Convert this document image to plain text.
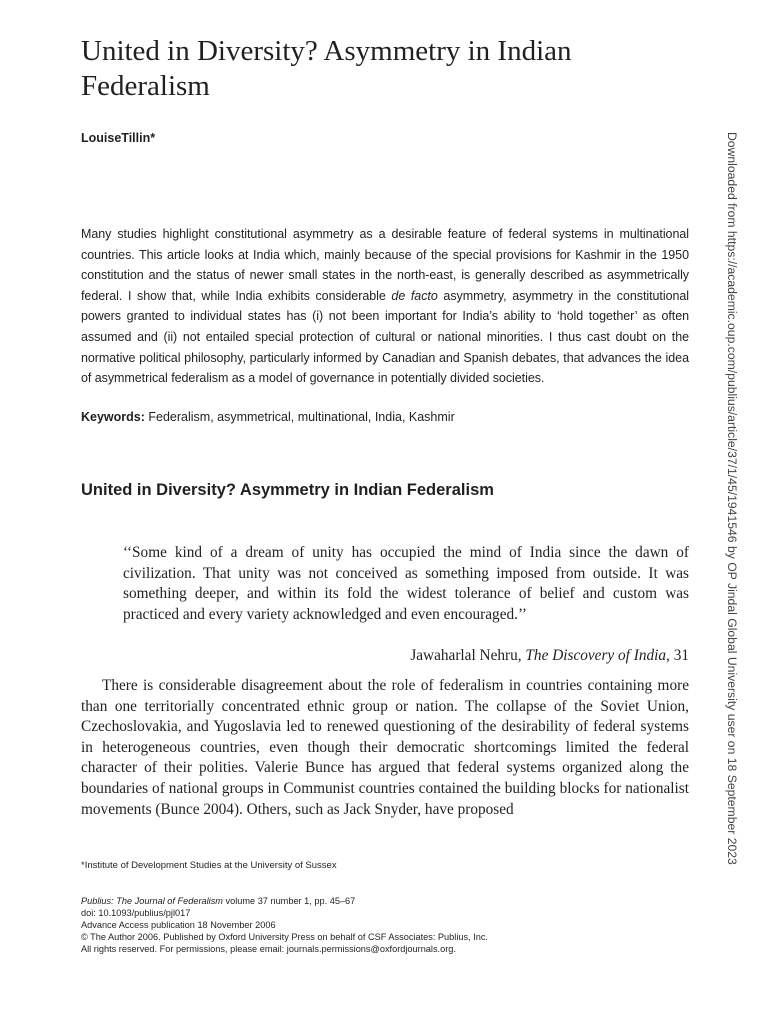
United in Diversity? Asymmetry in Indian Federalism
LouiseTillin*

Many studies highlight constitutional asymmetry as a desirable feature of federal systems in multinational countries. This article looks at India which, mainly because of the special provisions for Kashmir in the 1950 constitution and the status of newer small states in the north-east, is generally described as asymmetrically federal. I show that, while India exhibits considerable de facto asymmetry, asymmetry in the constitutional powers granted to individual states has (i) not been important for India’s ability to ‘hold together’ as often assumed and (ii) not entailed special protection of cultural or national minorities. I thus cast doubt on the normative political philosophy, particularly informed by Canadian and Spanish debates, that advances the idea of asymmetrical federalism as a model of governance in potentially divided societies.

Keywords: Federalism, asymmetrical, multinational, India, Kashmir

United in Diversity? Asymmetry in Indian Federalism

‘‘Some kind of a dream of unity has occupied the mind of India since the dawn of civilization. That unity was not conceived as something imposed from outside. It was something deeper, and within its fold the widest tolerance of belief and custom was practiced and every variety acknowledged and even encouraged.’’

Jawaharlal Nehru, The Discovery of India, 31

There is considerable disagreement about the role of federalism in countries containing more than one territorially concentrated ethnic group or nation. The collapse of the Soviet Union, Czechoslovakia, and Yugoslavia led to renewed questioning of the desirability of federal systems in heterogeneous countries, even though their democratic shortcomings limited the federal character of their polities. Valerie Bunce has argued that federal systems organized along the boundaries of national groups in Communist countries contained the building blocks for nationalist movements (Bunce 2004). Others, such as Jack Snyder, have proposed

*Institute of Development Studies at the University of Sussex

Publius: The Journal of Federalism volume 37 number 1, pp. 45–67
doi: 10.1093/publius/pjl017
Advance Access publication 18 November 2006
© The Author 2006. Published by Oxford University Press on behalf of CSF Associates: Publius, Inc.
All rights reserved. For permissions, please email: journals.permissions@oxfordjournals.org.
Downloaded from https://academic.oup.com/publius/article/37/1/45/1941546 by OP Jindal Global University user on 18 September 2023
